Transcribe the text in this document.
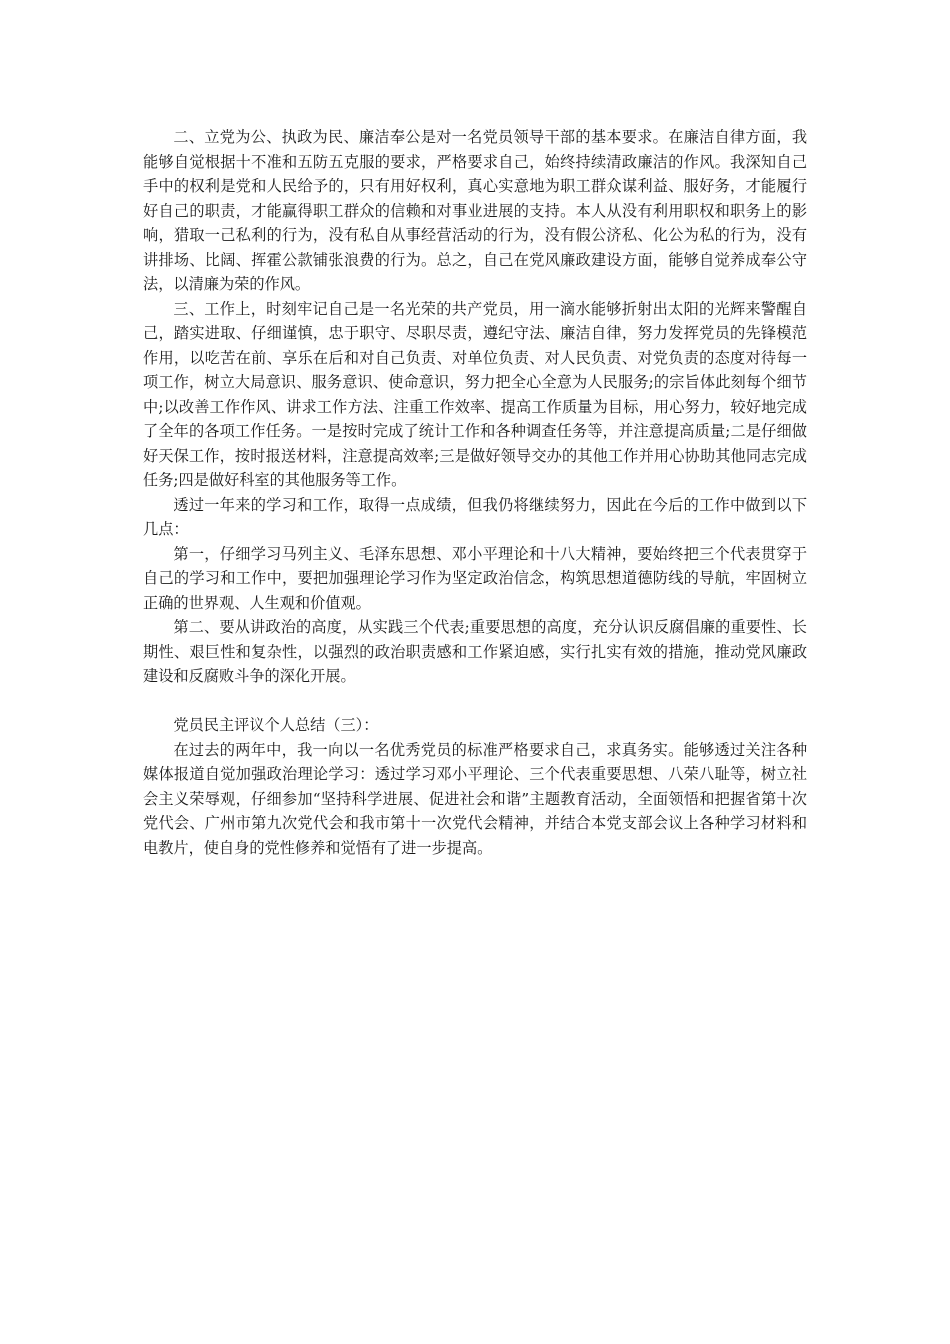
二、立党为公、执政为民、廉洁奉公是对一名党员领导干部的基本要求。在廉洁自律方面，我能够自觉根据十不准和五防五克服的要求，严格要求自己，始终持续清政廉洁的作风。我深知自己手中的权利是党和人民给予的，只有用好权利，真心实意地为职工群众谋利益、服好务，才能履行好自己的职责，才能赢得职工群众的信赖和对事业进展的支持。本人从没有利用职权和职务上的影响，猎取一己私利的行为，没有私自从事经营活动的行为，没有假公济私、化公为私的行为，没有讲排场、比阔、挥霍公款铺张浪费的行为。总之，自己在党风廉政建设方面，能够自觉养成奉公守法，以清廉为荣的作风。

三、工作上，时刻牢记自己是一名光荣的共产党员，用一滴水能够折射出太阳的光辉来警醒自己，踏实进取、仔细谨慎，忠于职守、尽职尽责，遵纪守法、廉洁自律，努力发挥党员的先锋模范作用，以吃苦在前、享乐在后和对自己负责、对单位负责、对人民负责、对党负责的态度对待每一项工作，树立大局意识、服务意识、使命意识，努力把全心全意为人民服务;的宗旨体此刻每个细节中;以改善工作作风、讲求工作方法、注重工作效率、提高工作质量为目标，用心努力，较好地完成了全年的各项工作任务。一是按时完成了统计工作和各种调查任务等，并注意提高质量;二是仔细做好天保工作，按时报送材料，注意提高效率;三是做好领导交办的其他工作并用心协助其他同志完成任务;四是做好科室的其他服务等工作。

透过一年来的学习和工作，取得一点成绩，但我仍将继续努力，因此在今后的工作中做到以下几点：

第一，仔细学习马列主义、毛泽东思想、邓小平理论和十八大精神，要始终把三个代表贯穿于自己的学习和工作中，要把加强理论学习作为坚定政治信念，构筑思想道德防线的导航，牢固树立正确的世界观、人生观和价值观。

第二、要从讲政治的高度，从实践三个代表;重要思想的高度，充分认识反腐倡廉的重要性、长期性、艰巨性和复杂性，以强烈的政治职责感和工作紧迫感，实行扎实有效的措施，推动党风廉政建设和反腐败斗争的深化开展。

党员民主评议个人总结（三）：

在过去的两年中，我一向以一名优秀党员的标准严格要求自己，求真务实。能够透过关注各种媒体报道自觉加强政治理论学习：透过学习邓小平理论、三个代表重要思想、八荣八耻等，树立社会主义荣辱观，仔细参加“坚持科学进展、促进社会和谐”主题教育活动，全面领悟和把握省第十次党代会、广州市第九次党代会和我市第十一次党代会精神，并结合本党支部会议上各种学习材料和电教片，使自身的党性修养和觉悟有了进一步提高。
